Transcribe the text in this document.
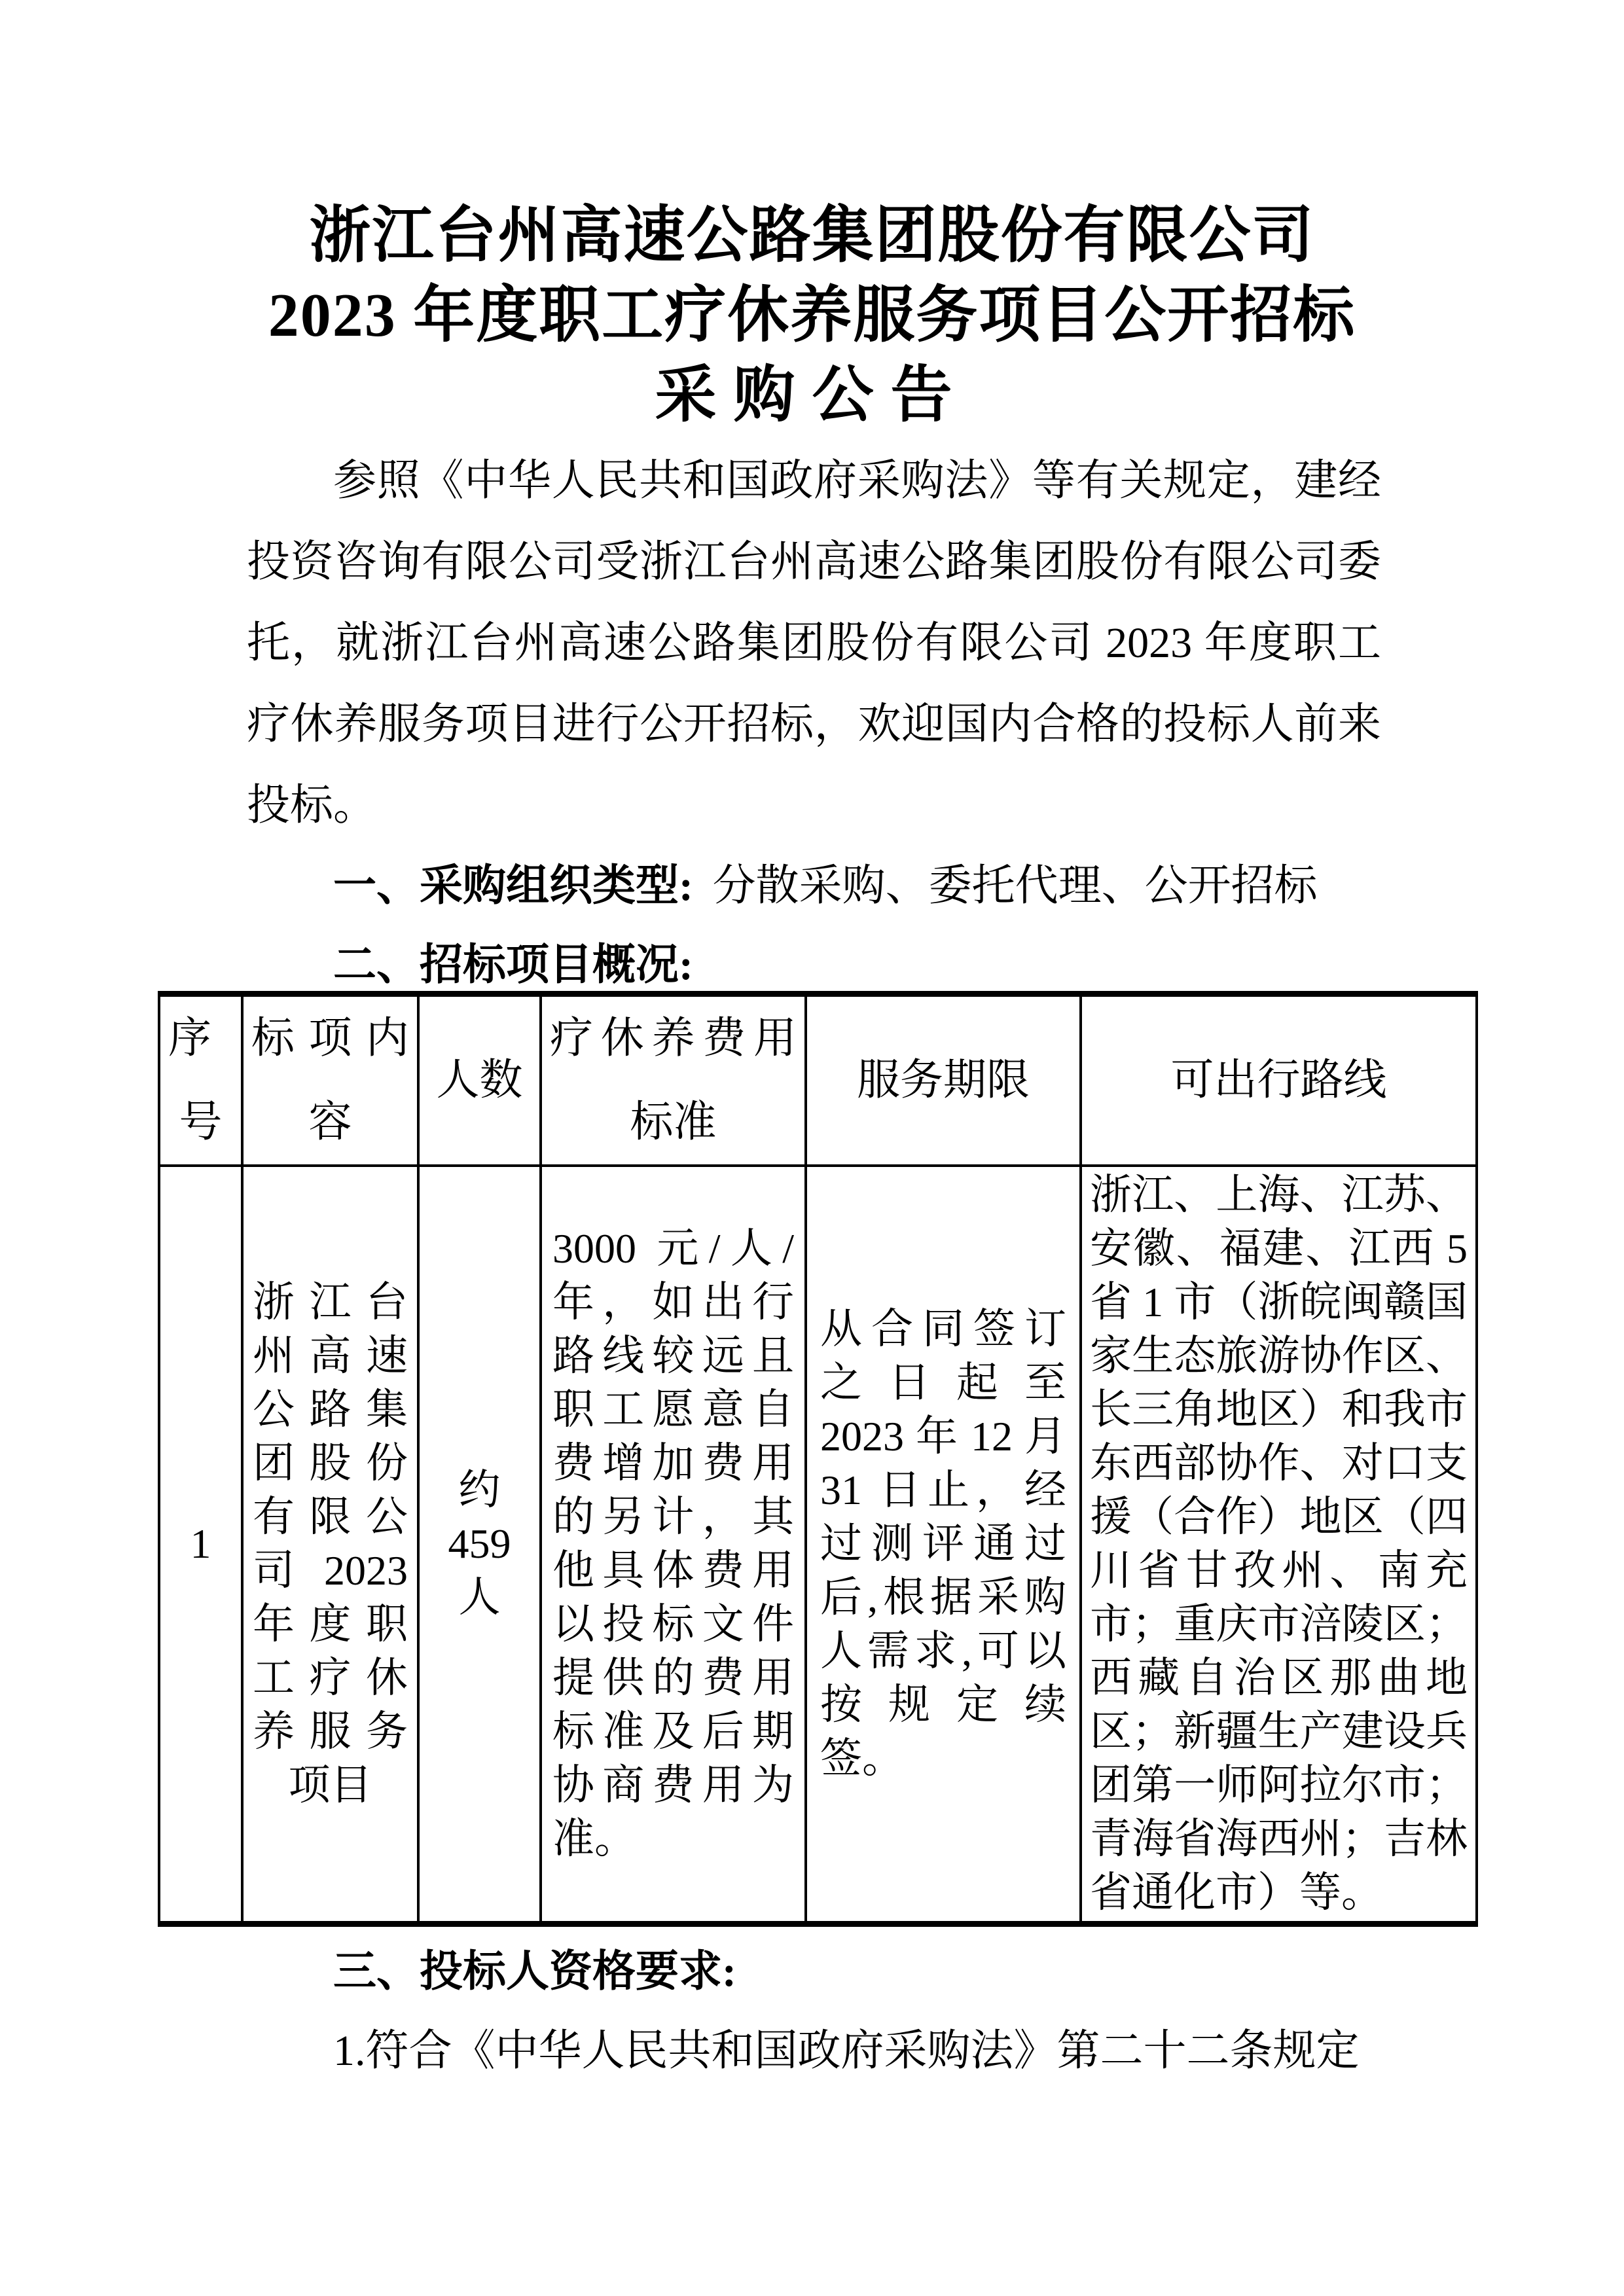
浙江台州高速公路集团股份有限公司
2023 年度职工疗休养服务项目公开招标
采购公告

参照《中华人民共和国政府采购法》等有关规定，建经投资咨询有限公司受浙江台州高速公路集团股份有限公司委托，就浙江台州高速公路集团股份有限公司 2023 年度职工疗休养服务项目进行公开招标，欢迎国内合格的投标人前来投标。

一、采购组织类型: 分散采购、委托代理、公开招标
二、招标项目概况:
序号	标项内容	人数	疗休养费用标准	服务期限	可出行路线
1	浙江台州高速公路集团股份有限公司 2023 年度职工疗休养服务项目	约 459 人	3000 元/人/年，如出行路线较远且职工愿意自费增加费用的另计，其他具体费用以投标文件提供的费用标准及后期协商费用为准。	从合同签订之日起至 2023 年 12 月 31 日止，经过测评通过后,根据采购人需求,可以按规定续签。	浙江、上海、江苏、安徽、福建、江西 5 省 1 市（浙皖闽赣国家生态旅游协作区、长三角地区）和我市东西部协作、对口支援（合作）地区（四川省甘孜州、南充市；重庆市涪陵区；西藏自治区那曲地区；新疆生产建设兵团第一师阿拉尔市；青海省海西州；吉林省通化市）等。
三、投标人资格要求:

1.符合《中华人民共和国政府采购法》第二十二条规定
